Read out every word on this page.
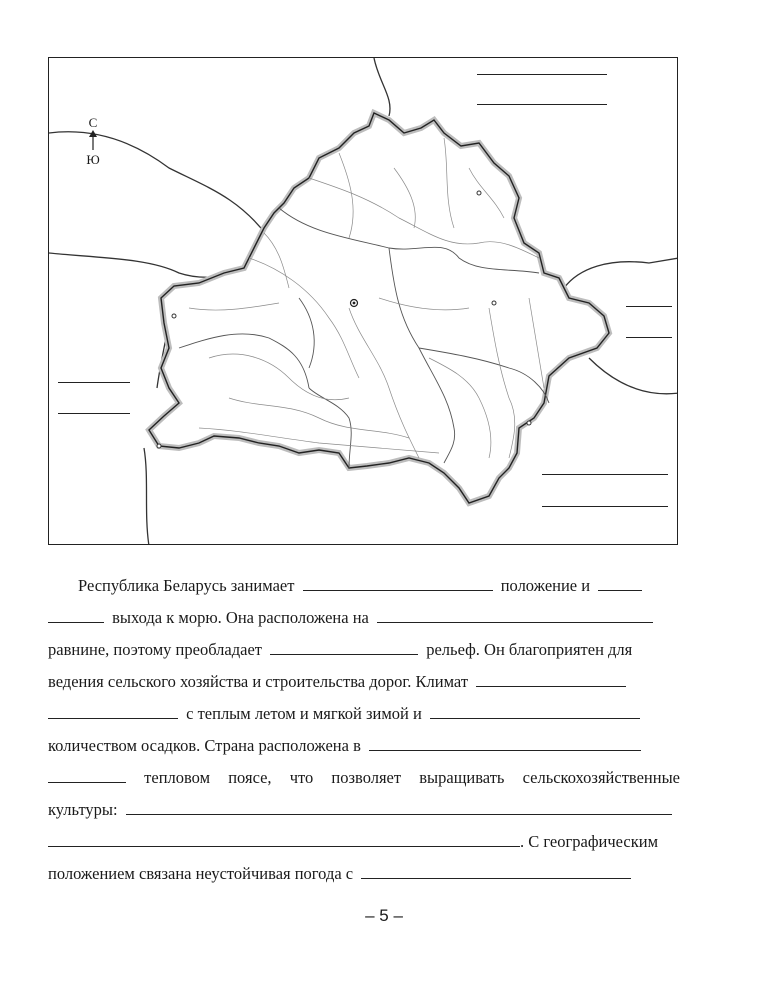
С
Ю
Республика Беларусь занимает	положение и
выхода к морю. Она расположена на
равнине, поэтому преобладает	рельеф. Он благоприятен для
ведения сельского хозяйства и строительства дорог. Климат
с теплым летом и мягкой зимой и
количеством осадков. Страна расположена в
тепловом поясе, что позволяет выращивать сельскохозяйственные
культуры:
. С географическим
положением связана неустойчивая погода с
– 5 –
